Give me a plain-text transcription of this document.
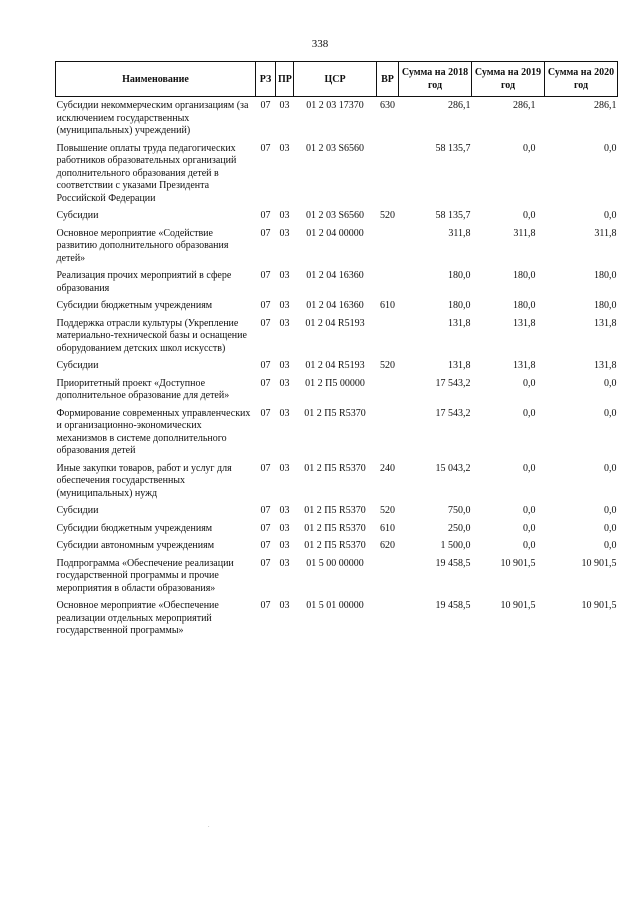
338
Наименование	РЗ	ПР	ЦСР	ВР	Сумма на 2018 год	Сумма на 2019 год	Сумма на 2020 год
Субсидии некоммерческим организациям (за исключением государственных (муниципальных) учреждений)	07	03	01 2 03 17370	630	286,1	286,1	286,1
Повышение оплаты труда педагогических работников образовательных организаций дополнительного образования детей в соответствии с указами Президента Российской Федерации	07	03	01 2 03 S6560		58 135,7	0,0	0,0
Субсидии	07	03	01 2 03 S6560	520	58 135,7	0,0	0,0
Основное мероприятие «Содействие развитию дополнительного образования детей»	07	03	01 2 04 00000		311,8	311,8	311,8
Реализация прочих мероприятий в сфере образования	07	03	01 2 04 16360		180,0	180,0	180,0
Субсидии бюджетным учреждениям	07	03	01 2 04 16360	610	180,0	180,0	180,0
Поддержка отрасли культуры (Укрепление материально-технической базы и оснащение оборудованием детских школ искусств)	07	03	01 2 04 R5193		131,8	131,8	131,8
Субсидии	07	03	01 2 04 R5193	520	131,8	131,8	131,8
Приоритетный проект «Доступное дополнительное образование для детей»	07	03	01 2 П5 00000		17 543,2	0,0	0,0
Формирование современных управленческих и организационно-экономических механизмов в системе дополнительного образования детей	07	03	01 2 П5 R5370		17 543,2	0,0	0,0
Иные закупки товаров, работ и услуг для обеспечения государственных (муниципальных) нужд	07	03	01 2 П5 R5370	240	15 043,2	0,0	0,0
Субсидии	07	03	01 2 П5 R5370	520	750,0	0,0	0,0
Субсидии бюджетным учреждениям	07	03	01 2 П5 R5370	610	250,0	0,0	0,0
Субсидии автономным учреждениям	07	03	01 2 П5 R5370	620	1 500,0	0,0	0,0
Подпрограмма «Обеспечение реализации государственной программы и прочие мероприятия в области образования»	07	03	01 5 00 00000		19 458,5	10 901,5	10 901,5
Основное мероприятие «Обеспечение реализации отдельных мероприятий государственной программы»	07	03	01 5 01 00000		19 458,5	10 901,5	10 901,5
.
